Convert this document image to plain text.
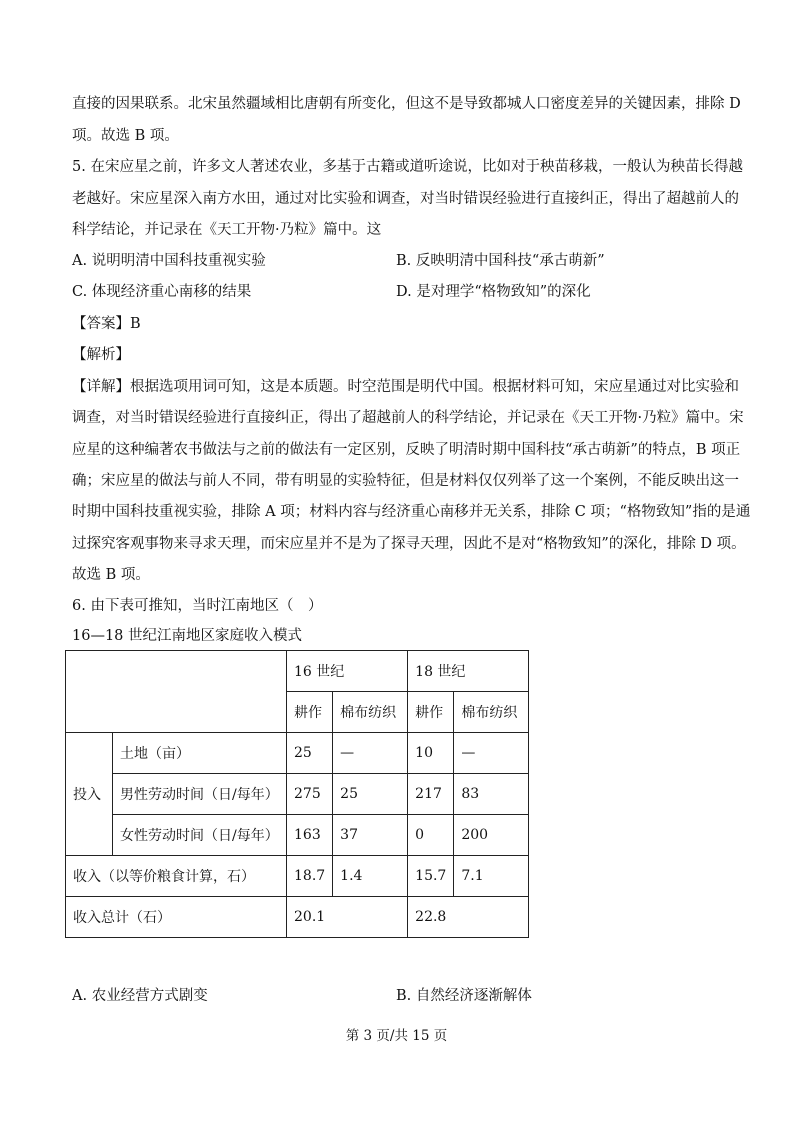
直接的因果联系。北宋虽然疆域相比唐朝有所变化，但这不是导致都城人口密度差异的关键因素，排除 D
项。故选 B 项。
5. 在宋应星之前，许多文人著述农业，多基于古籍或道听途说，比如对于秧苗移栽，一般认为秧苗长得越
老越好。宋应星深入南方水田，通过对比实验和调查，对当时错误经验进行直接纠正，得出了超越前人的
科学结论，并记录在《天工开物·乃粒》篇中。这
A. 说明明清中国科技重视实验	B. 反映明清中国科技“承古萌新”
C. 体现经济重心南移的结果	D. 是对理学“格物致知”的深化
【答案】B
【解析】
【详解】根据选项用词可知，这是本质题。时空范围是明代中国。根据材料可知，宋应星通过对比实验和
调查，对当时错误经验进行直接纠正，得出了超越前人的科学结论，并记录在《天工开物·乃粒》篇中。宋
应星的这种编著农书做法与之前的做法有一定区别，反映了明清时期中国科技“承古萌新”的特点，B 项正
确；宋应星的做法与前人不同，带有明显的实验特征，但是材料仅仅列举了这一个案例，不能反映出这一
时期中国科技重视实验，排除 A 项；材料内容与经济重心南移并无关系，排除 C 项；“格物致知”指的是通
过探究客观事物来寻求天理，而宋应星并不是为了探寻天理，因此不是对“格物致知”的深化，排除 D 项。
故选 B 项。
6. 由下表可推知，当时江南地区（　）
16—18 世纪江南地区家庭收入模式
		16 世纪		18 世纪	
		耕作	棉布纺织	耕作	棉布纺织
投入	土地（亩）	25	—	10	—
	男性劳动时间（日/每年）	275	25	217	83
	女性劳动时间（日/每年）	163	37	0	200
收入（以等价粮食计算，石）		18.7	1.4	15.7	7.1
收入总计（石）		20.1		22.8	
A. 农业经营方式剧变	B. 自然经济逐渐解体
第 3 页/共 15 页
